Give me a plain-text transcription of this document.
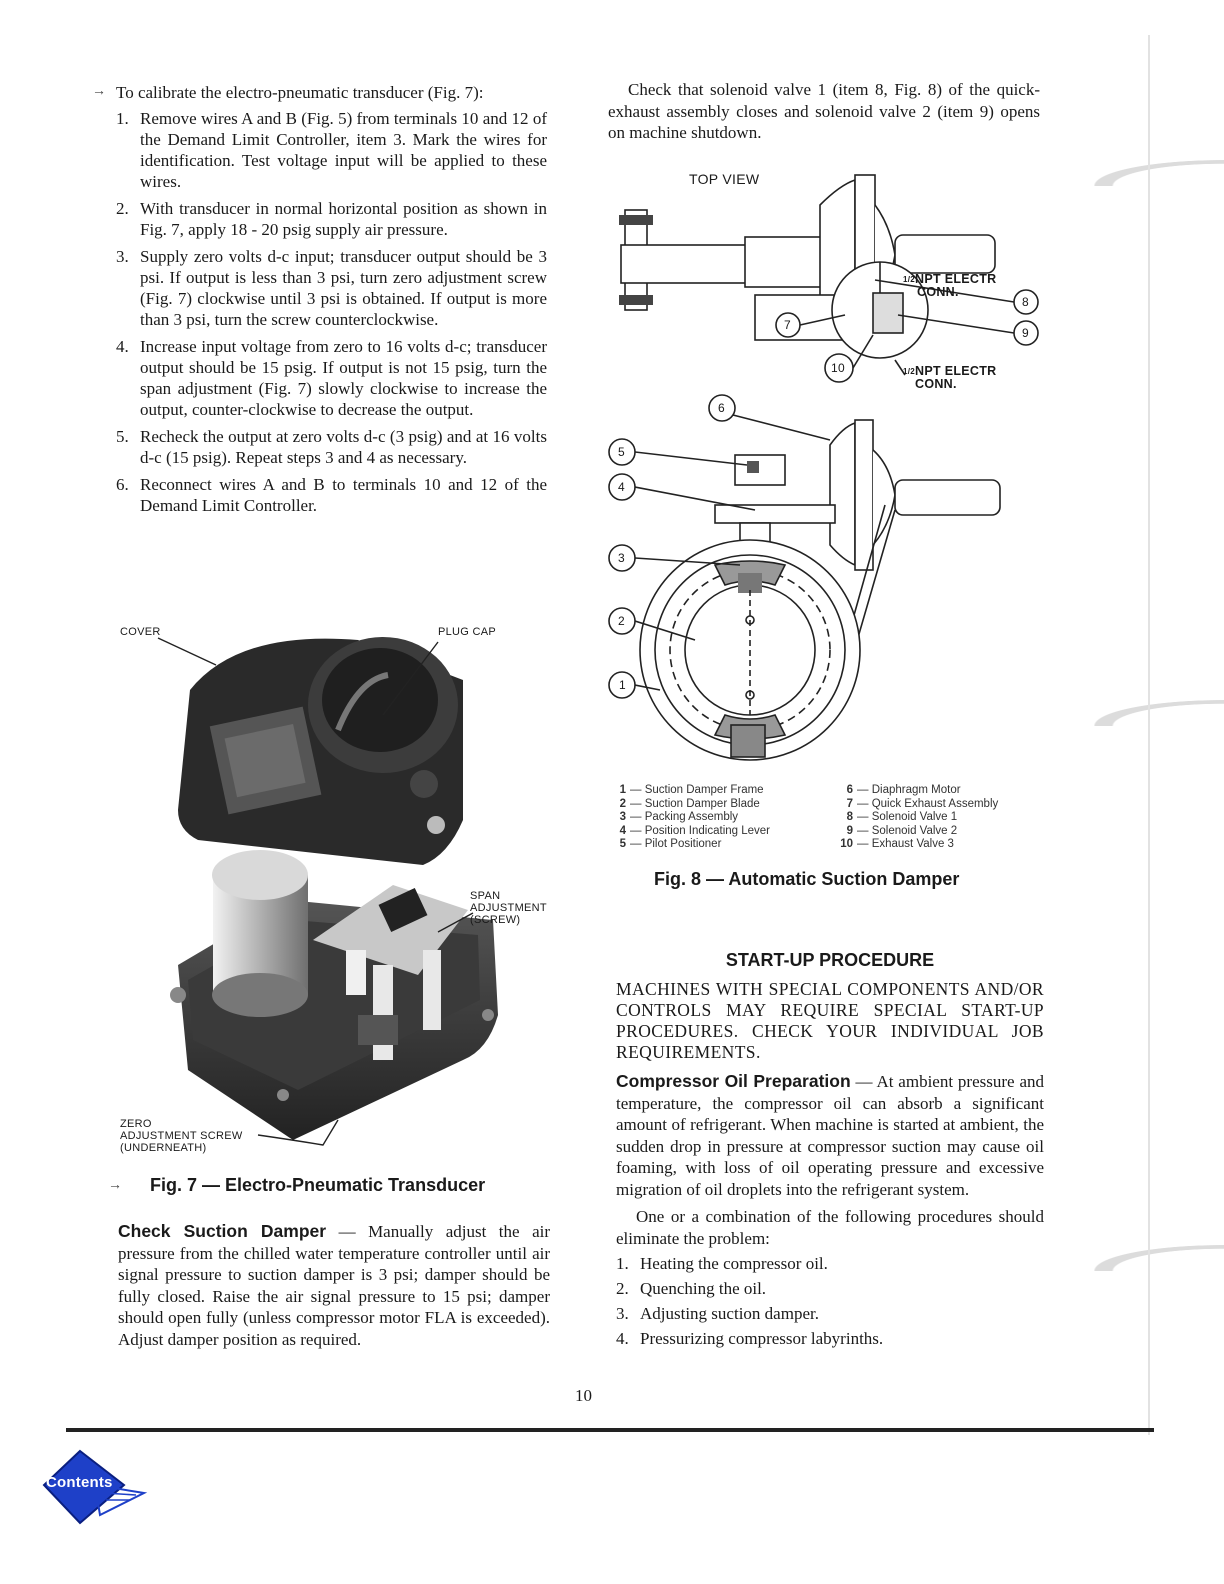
→ To calibrate the electro-pneumatic transducer (Fig. 7):

1. Remove wires A and B (Fig. 5) from terminals 10 and 12 of the Demand Limit Controller, item 3. Mark the wires for identification. Test voltage input will be applied to these wires.
2. With transducer in normal horizontal position as shown in Fig. 7, apply 18 - 20 psig supply air pressure.
3. Supply zero volts d-c input; transducer output should be 3 psi. If output is less than 3 psi, turn zero adjustment screw (Fig. 7) clockwise until 3 psi is obtained. If output is more than 3 psi, turn the screw counterclockwise.
4. Increase input voltage from zero to 16 volts d-c; transducer output should be 15 psig. If output is not 15 psig, turn the span adjustment (Fig. 7) slowly clockwise to increase the output, counter-clockwise to decrease the output.
5. Recheck the output at zero volts d-c (3 psig) and at 16 volts d-c (15 psig). Repeat steps 3 and 4 as necessary.
6. Reconnect wires A and B to terminals 10 and 12 of the Demand Limit Controller.
COVER	PLUG CAP
SPAN
ADJUSTMENT
(SCREW)
ZERO
ADJUSTMENT SCREW
(UNDERNEATH)
→ Fig. 7 — Electro-Pneumatic Transducer

Check Suction Damper — Manually adjust the air pressure from the chilled water temperature controller until air signal pressure to suction damper is 3 psi; damper should be fully closed. Raise the air signal pressure to 15 psi; damper should open fully (unless compressor motor FLA is exceeded). Adjust damper position as required.

Check that solenoid valve 1 (item 8, Fig. 8) of the quick-exhaust assembly closes and solenoid valve 2 (item 9) opens on machine shutdown.

TOP VIEW
$^{1/2}$NPT ELECTR
CONN.
$^{1/2}$NPT ELECTR
CONN.
8
9
7
10
6
5
4
3
2
1
1 — Suction Damper Frame
2 — Suction Damper Blade
3 — Packing Assembly
4 — Position Indicating Lever
5 — Pilot Positioner
6 — Diaphragm Motor
7 — Quick Exhaust Assembly
8 — Solenoid Valve 1
9 — Solenoid Valve 2
10 — Exhaust Valve 3
Fig. 8 — Automatic Suction Damper
START-UP PROCEDURE

MACHINES WITH SPECIAL COMPONENTS AND/OR CONTROLS MAY REQUIRE SPECIAL START-UP PROCEDURES. CHECK YOUR INDIVIDUAL JOB REQUIREMENTS.

Compressor Oil Preparation — At ambient pressure and temperature, the compressor oil can absorb a significant amount of refrigerant. When machine is started at ambient, the sudden drop in pressure at compressor suction may cause oil foaming, with loss of oil operating pressure and excessive migration of oil droplets into the refrigerant system.

One or a combination of the following procedures should eliminate the problem:

1. Heating the compressor oil.
2. Quenching the oil.
3. Adjusting suction damper.
4. Pressurizing compressor labyrinths.
10
Contents
